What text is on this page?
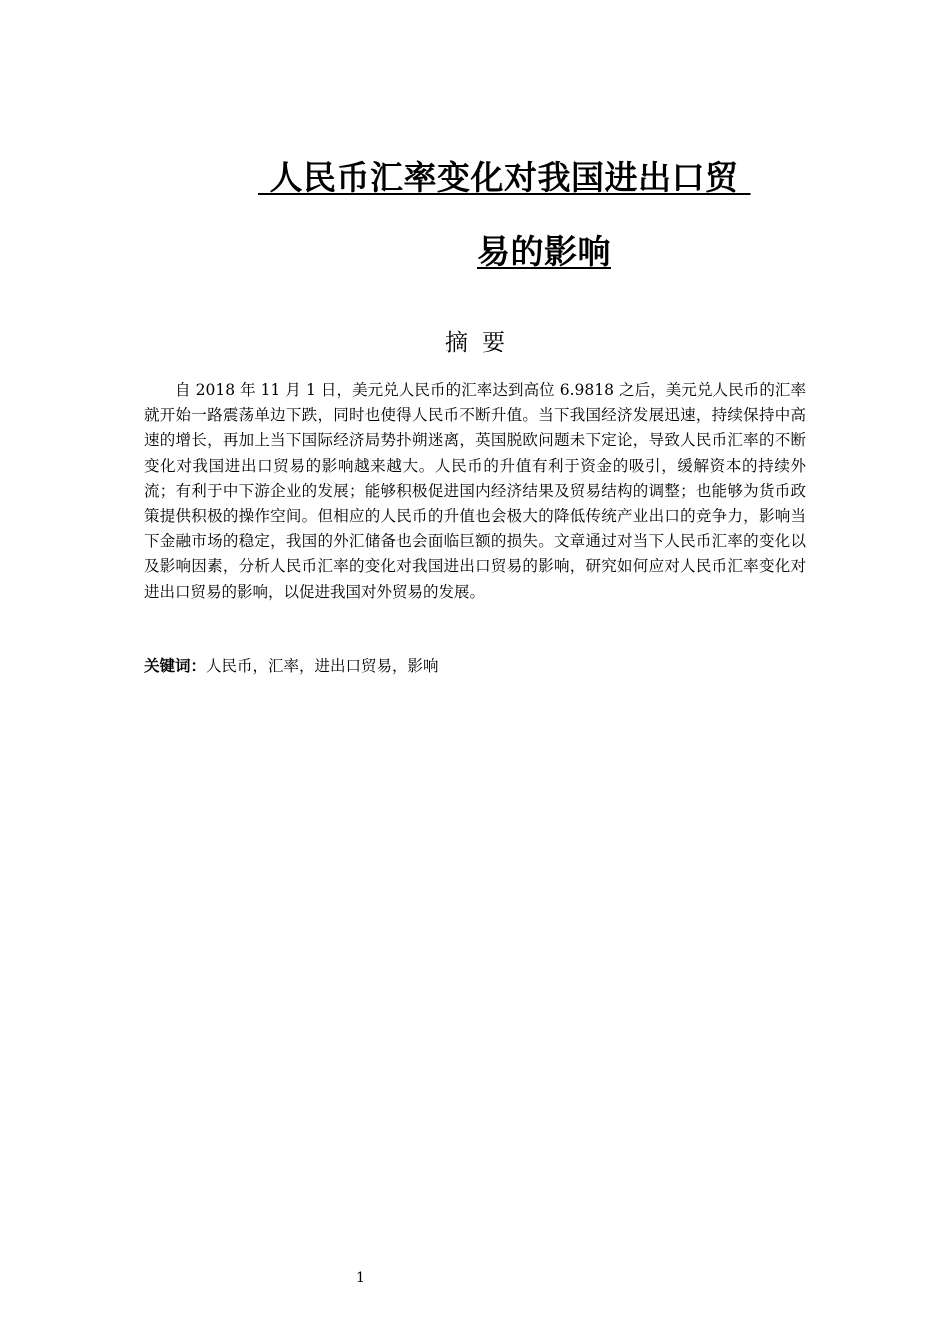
人民币汇率变化对我国进出口贸
易的影响
摘要

自 2018 年 11 月 1 日，美元兑人民币的汇率达到高位 6.9818 之后，美元兑人民币的汇率就开始一路震荡单边下跌，同时也使得人民币不断升值。当下我国经济发展迅速，持续保持中高速的增长，再加上当下国际经济局势扑朔迷离，英国脱欧问题未下定论，导致人民币汇率的不断变化对我国进出口贸易的影响越来越大。人民币的升值有利于资金的吸引，缓解资本的持续外流；有利于中下游企业的发展；能够积极促进国内经济结果及贸易结构的调整；也能够为货币政策提供积极的操作空间。但相应的人民币的升值也会极大的降低传统产业出口的竞争力，影响当下金融市场的稳定，我国的外汇储备也会面临巨额的损失。文章通过对当下人民币汇率的变化以及影响因素，分析人民币汇率的变化对我国进出口贸易的影响，研究如何应对人民币汇率变化对进出口贸易的影响，以促进我国对外贸易的发展。

关键词：人民币，汇率，进出口贸易，影响
1
